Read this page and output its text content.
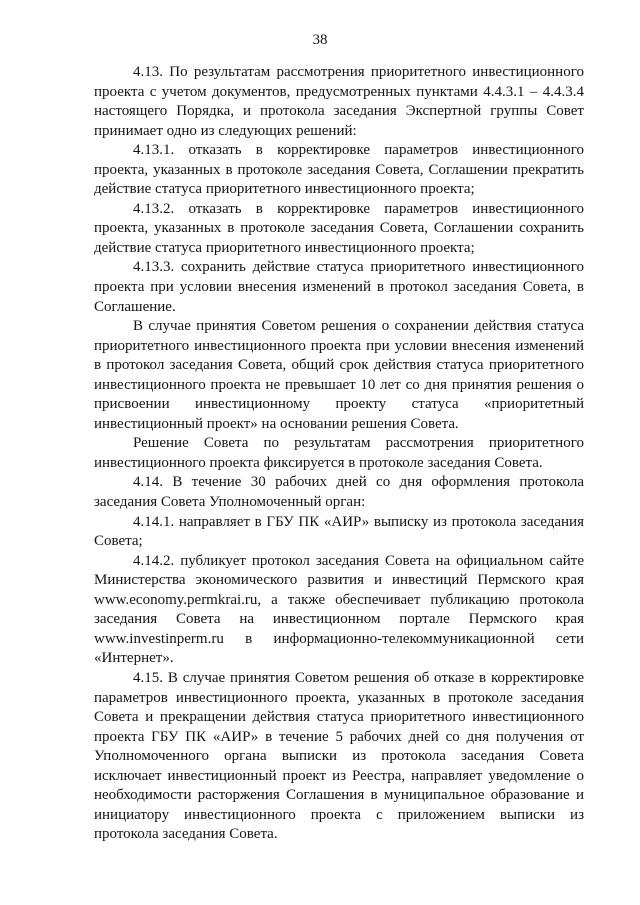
38

4.13. По результатам рассмотрения приоритетного инвестиционного проекта с учетом документов, предусмотренных пунктами 4.4.3.1 – 4.4.3.4 настоящего Порядка, и протокола заседания Экспертной группы Совет принимает одно из следующих решений:

4.13.1. отказать в корректировке параметров инвестиционного проекта, указанных в протоколе заседания Совета, Соглашении прекратить действие статуса приоритетного инвестиционного проекта;

4.13.2. отказать в корректировке параметров инвестиционного проекта, указанных в протоколе заседания Совета, Соглашении сохранить действие статуса приоритетного инвестиционного проекта;

4.13.3. сохранить действие статуса приоритетного инвестиционного проекта при условии внесения изменений в протокол заседания Совета, в Соглашение.

В случае принятия Советом решения о сохранении действия статуса приоритетного инвестиционного проекта при условии внесения изменений в протокол заседания Совета, общий срок действия статуса приоритетного инвестиционного проекта не превышает 10 лет со дня принятия решения о присвоении инвестиционному проекту статуса «приоритетный инвестиционный проект» на основании решения Совета.

Решение Совета по результатам рассмотрения приоритетного инвестиционного проекта фиксируется в протоколе заседания Совета.

4.14. В течение 30 рабочих дней со дня оформления протокола заседания Совета Уполномоченный орган:

4.14.1. направляет в ГБУ ПК «АИР» выписку из протокола заседания Совета;

4.14.2. публикует протокол заседания Совета на официальном сайте Министерства экономического развития и инвестиций Пермского края www.economy.permkrai.ru, а также обеспечивает публикацию протокола заседания Совета на инвестиционном портале Пермского края www.investinperm.ru в информационно-телекоммуникационной сети «Интернет».

4.15. В случае принятия Советом решения об отказе в корректировке параметров инвестиционного проекта, указанных в протоколе заседания Совета и прекращении действия статуса приоритетного инвестиционного проекта ГБУ ПК «АИР» в течение 5 рабочих дней со дня получения от Уполномоченного органа выписки из протокола заседания Совета исключает инвестиционный проект из Реестра, направляет уведомление о необходимости расторжения Соглашения в муниципальное образование и инициатору инвестиционного проекта с приложением выписки из протокола заседания Совета.
